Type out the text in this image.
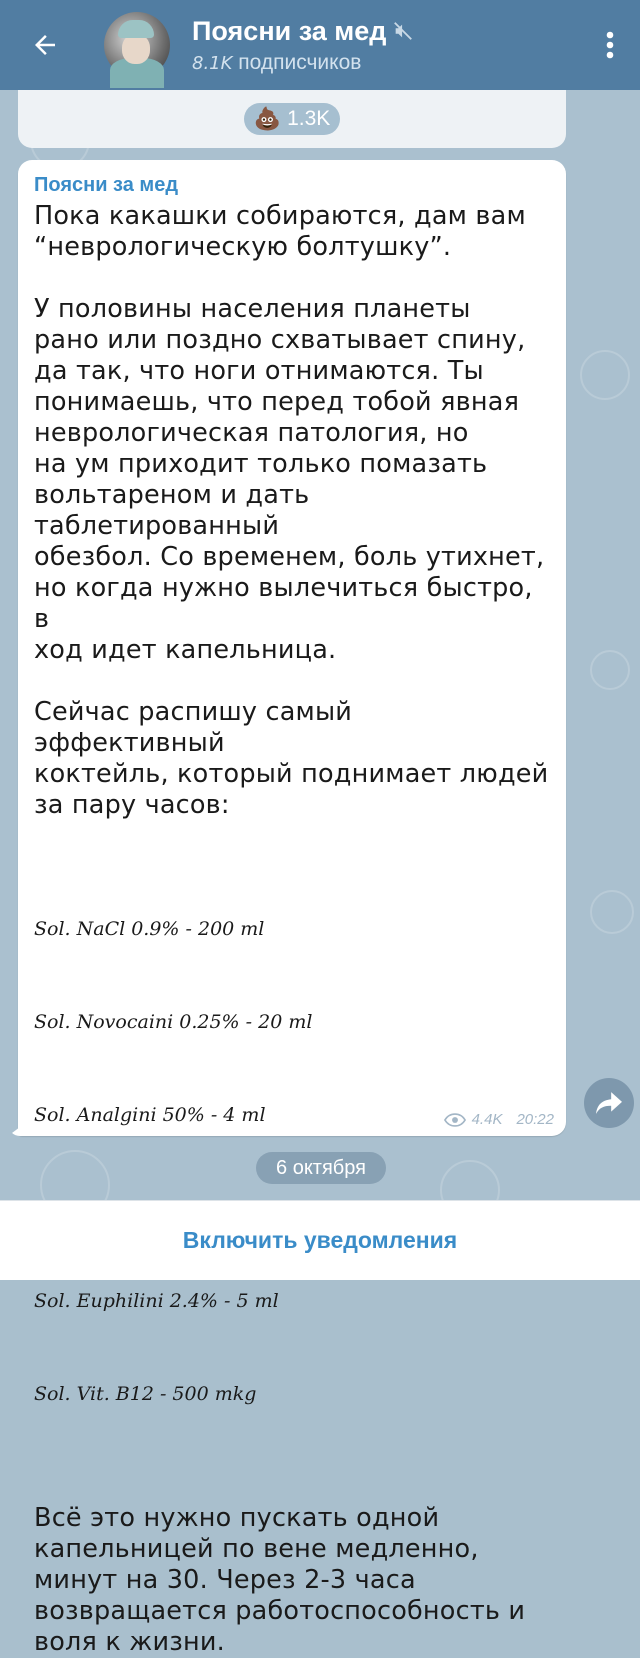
Поясни за мед
8.1K подписчиков
💩 1.3K
Поясни за мед
Пока какашки собираются, дам вам
“неврологическую болтушку”.

У половины населения планеты
рано или поздно схватывает спину,
да так, что ноги отнимаются. Ты
понимаешь, что перед тобой явная
неврологическая патология, но
на ум приходит только помазать
вольтареном и дать таблетированный
обезбол. Со временем, боль утихнет,
но когда нужно вылечиться быстро, в
ход идет капельница.

Сейчас распишу самый эффективный
коктейль, который поднимает людей
за пару часов:

Sol. NaCl 0.9% - 200 ml

Sol. Novocaini 0.25% - 20 ml

Sol. Analgini 50% - 4 ml

Sol. Euphilini 2.4% - 5 ml

Sol. Vit. B12 - 500 mkg

Всё это нужно пускать одной
капельницей по вене медленно,
минут на 30. Через 2-3 часа
возвращается работоспособность и
воля к жизни.
4.4K 20:22
6 октября
Включить уведомления
